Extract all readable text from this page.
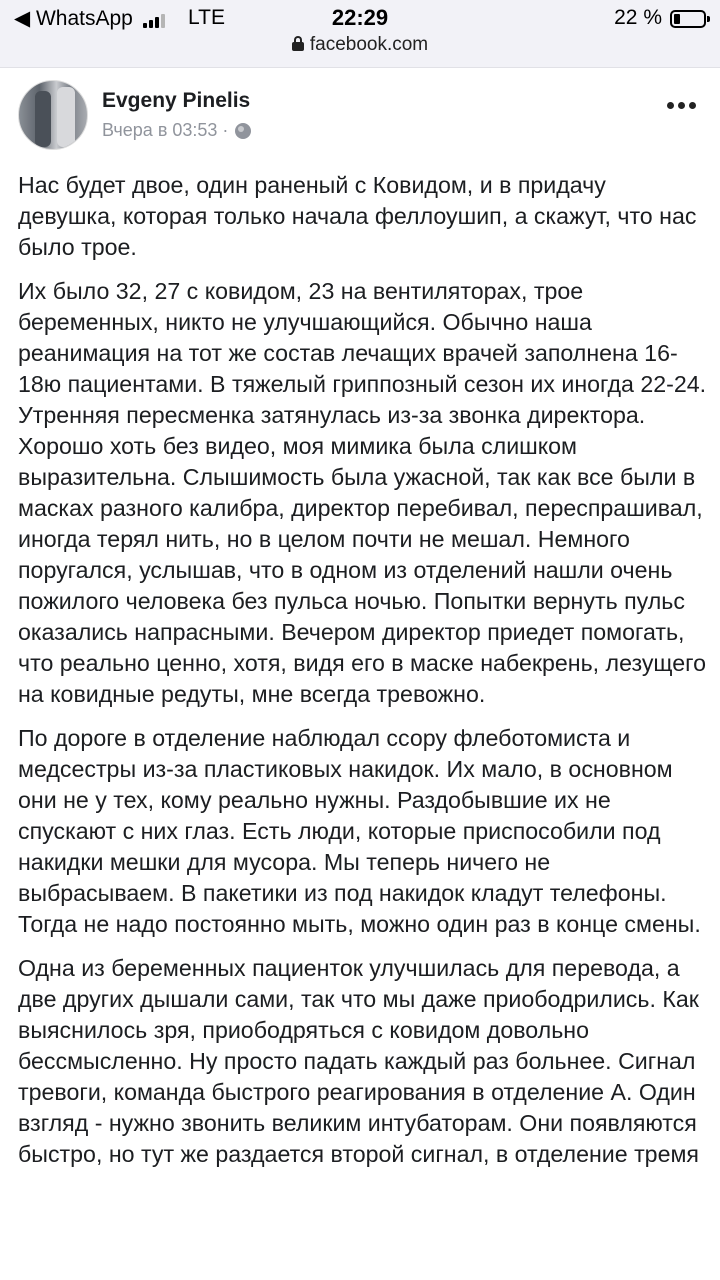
◀ WhatsApp	LTE	22:29	22 %
facebook.com
Evgeny Pinelis
Вчера в 03:53 ·

Нас будет двое, один раненый с Ковидом, и в придачу девушка, которая только начала феллоушип, а скажут, что нас было трое.

Их было 32, 27 с ковидом, 23 на вентиляторах, трое беременных, никто не улучшающийся. Обычно наша реанимация на тот же состав лечащих врачей заполнена 16-18ю пациентами. В тяжелый гриппозный сезон их иногда 22-24. Утренняя пересменка затянулась из-за звонка директора. Хорошо хоть без видео, моя мимика была слишком выразительна. Слышимость была ужасной, так как все были в масках разного калибра, директор перебивал, переспрашивал, иногда терял нить, но в целом почти не мешал. Немного поругался, услышав, что в одном из отделений нашли очень пожилого человека без пульса ночью. Попытки вернуть пульс оказались напрасными. Вечером директор приедет помогать, что реально ценно, хотя, видя его в маске набекрень, лезущего на ковидные редуты, мне всегда тревожно.

По дороге в отделение наблюдал ссору флеботомиста и медсестры из-за пластиковых накидок. Их мало, в основном они не у тех, кому реально нужны. Раздобывшие их не спускают с них глаз. Есть люди, которые приспособили под накидки мешки для мусора. Мы теперь ничего не выбрасываем. В пакетики из под накидок кладут телефоны. Тогда не надо постоянно мыть, можно один раз в конце смены.

Одна из беременных пациенток улучшилась для перевода, а две других дышали сами, так что мы даже приободрились. Как выяснилось зря, приободряться с ковидом довольно бессмысленно. Ну просто падать каждый раз больнее. Сигнал тревоги, команда быстрого реагирования в отделение А. Один взгляд - нужно звонить великим интубаторам. Они появляются быстро, но тут же раздается второй сигнал, в отделение тремя
